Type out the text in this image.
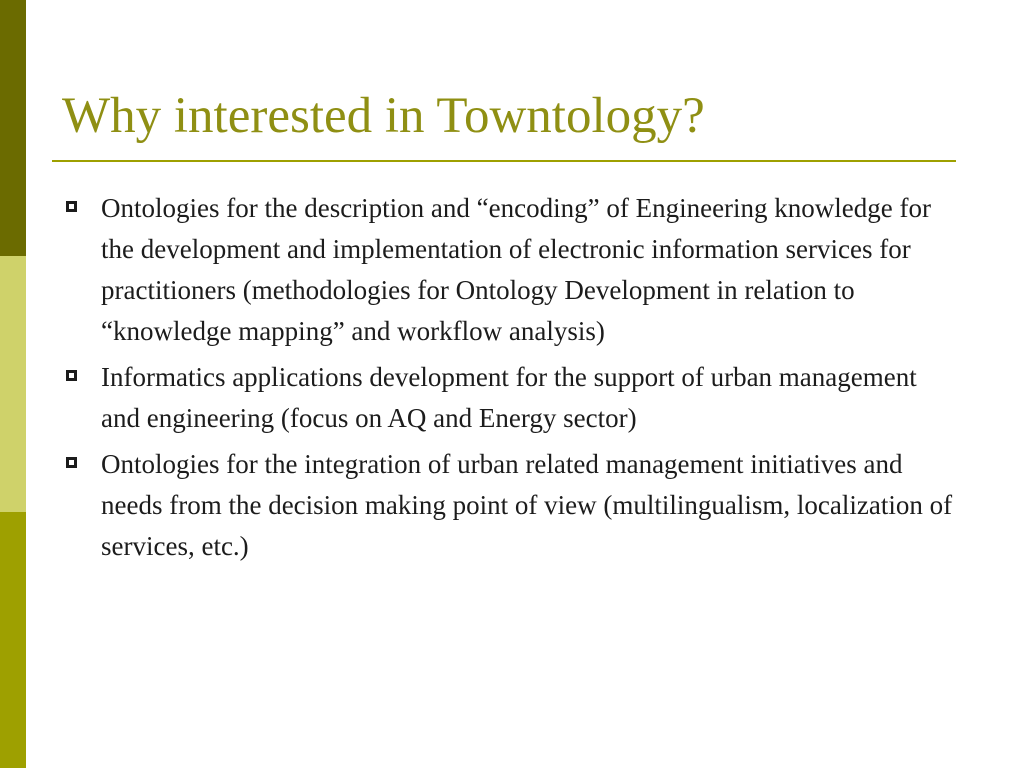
Why interested in Towntology?
Ontologies for the description and “encoding” of Engineering knowledge for the development and implementation of electronic information services for practitioners (methodologies for Ontology Development in relation to “knowledge mapping” and workflow analysis)
Informatics applications development for the support of urban management and engineering (focus on AQ and Energy sector)
Ontologies for the integration of urban related management initiatives and needs from the decision making point of view (multilingualism, localization of services, etc.)
